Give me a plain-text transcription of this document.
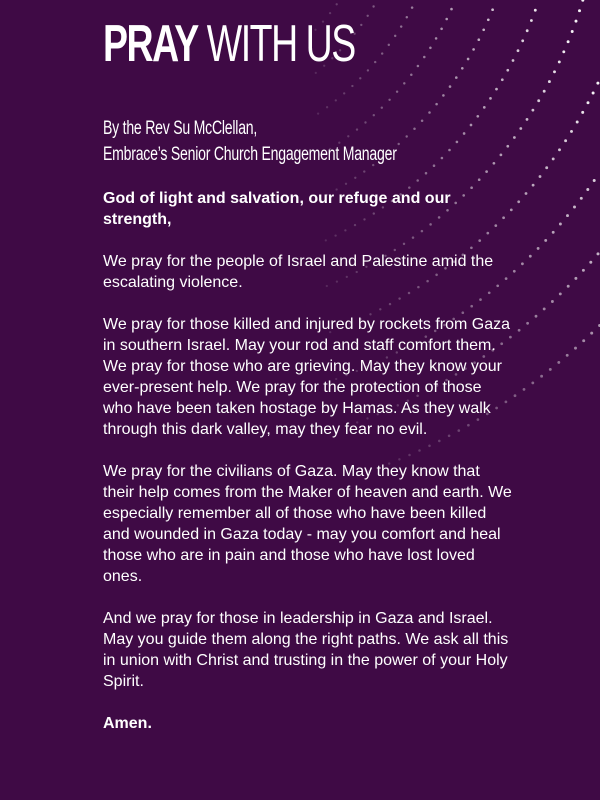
PRAY WITH US
By the Rev Su McClellan,
Embrace’s Senior Church Engagement Manager

God of light and salvation, our refuge and our strength,

We pray for the people of Israel and Palestine amid the escalating violence.

We pray for those killed and injured by rockets from Gaza in southern Israel. May your rod and staff comfort them. We pray for those who are grieving. May they know your ever-present help. We pray for the protection of those who have been taken hostage by Hamas. As they walk through this dark valley, may they fear no evil.

We pray for the civilians of Gaza. May they know that their help comes from the Maker of heaven and earth. We especially remember all of those who have been killed and wounded in Gaza today - may you comfort and heal those who are in pain and those who have lost loved ones.

And we pray for those in leadership in Gaza and Israel. May you guide them along the right paths. We ask all this in union with Christ and trusting in the power of your Holy Spirit.

Amen.
